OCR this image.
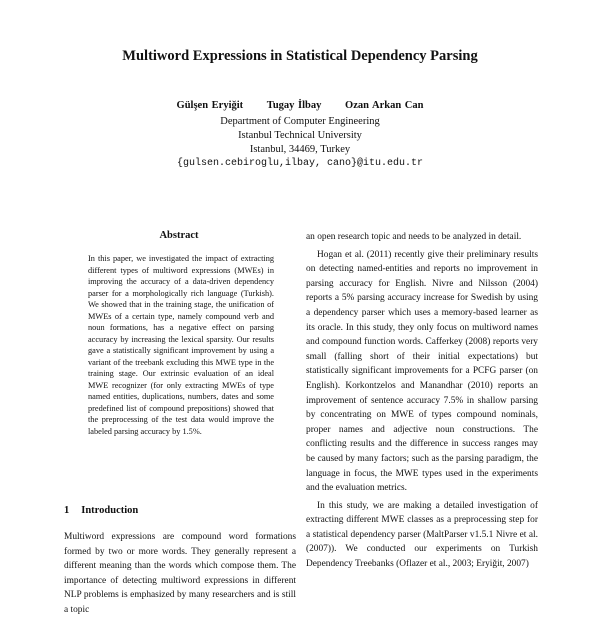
Multiword Expressions in Statistical Dependency Parsing
Gülşen Eryiğit Tugay İlbay Ozan Arkan Can
Department of Computer Engineering
Istanbul Technical University
Istanbul, 34469, Turkey
{gulsen.cebiroglu,ilbay, cano}@itu.edu.tr
Abstract

In this paper, we investigated the impact of extracting different types of multiword expressions (MWEs) in improving the accuracy of a data-driven dependency parser for a morphologically rich language (Turkish). We showed that in the training stage, the unification of MWEs of a certain type, namely compound verb and noun formations, has a negative effect on parsing accuracy by increasing the lexical sparsity. Our results gave a statistically significant improvement by using a variant of the treebank excluding this MWE type in the training stage. Our extrinsic evaluation of an ideal MWE recognizer (for only extracting MWEs of type named entities, duplications, numbers, dates and some predefined list of compound prepositions) showed that the preprocessing of the test data would improve the labeled parsing accuracy by 1.5%.

1 Introduction

Multiword expressions are compound word formations formed by two or more words. They generally represent a different meaning than the words which compose them. The importance of detecting multiword expressions in different NLP problems is emphasized by many researchers and is still a topic

an open research topic and needs to be analyzed in detail.

Hogan et al. (2011) recently give their preliminary results on detecting named-entities and reports no improvement in parsing accuracy for English. Nivre and Nilsson (2004) reports a 5% parsing accuracy increase for Swedish by using a dependency parser which uses a memory-based learner as its oracle. In this study, they only focus on multiword names and compound function words. Cafferkey (2008) reports very small (falling short of their initial expectations) but statistically significant improvements for a PCFG parser (on English). Korkontzelos and Manandhar (2010) reports an improvement of sentence accuracy 7.5% in shallow parsing by concentrating on MWE of types compound nominals, proper names and adjective noun constructions. The conflicting results and the difference in success ranges may be caused by many factors; such as the parsing paradigm, the language in focus, the MWE types used in the experiments and the evaluation metrics.

In this study, we are making a detailed investigation of extracting different MWE classes as a preprocessing step for a statistical dependency parser (MaltParser v1.5.1 Nivre et al. (2007)). We conducted our experiments on Turkish Dependency Treebanks (Oflazer et al., 2003; Eryiğit, 2007)
